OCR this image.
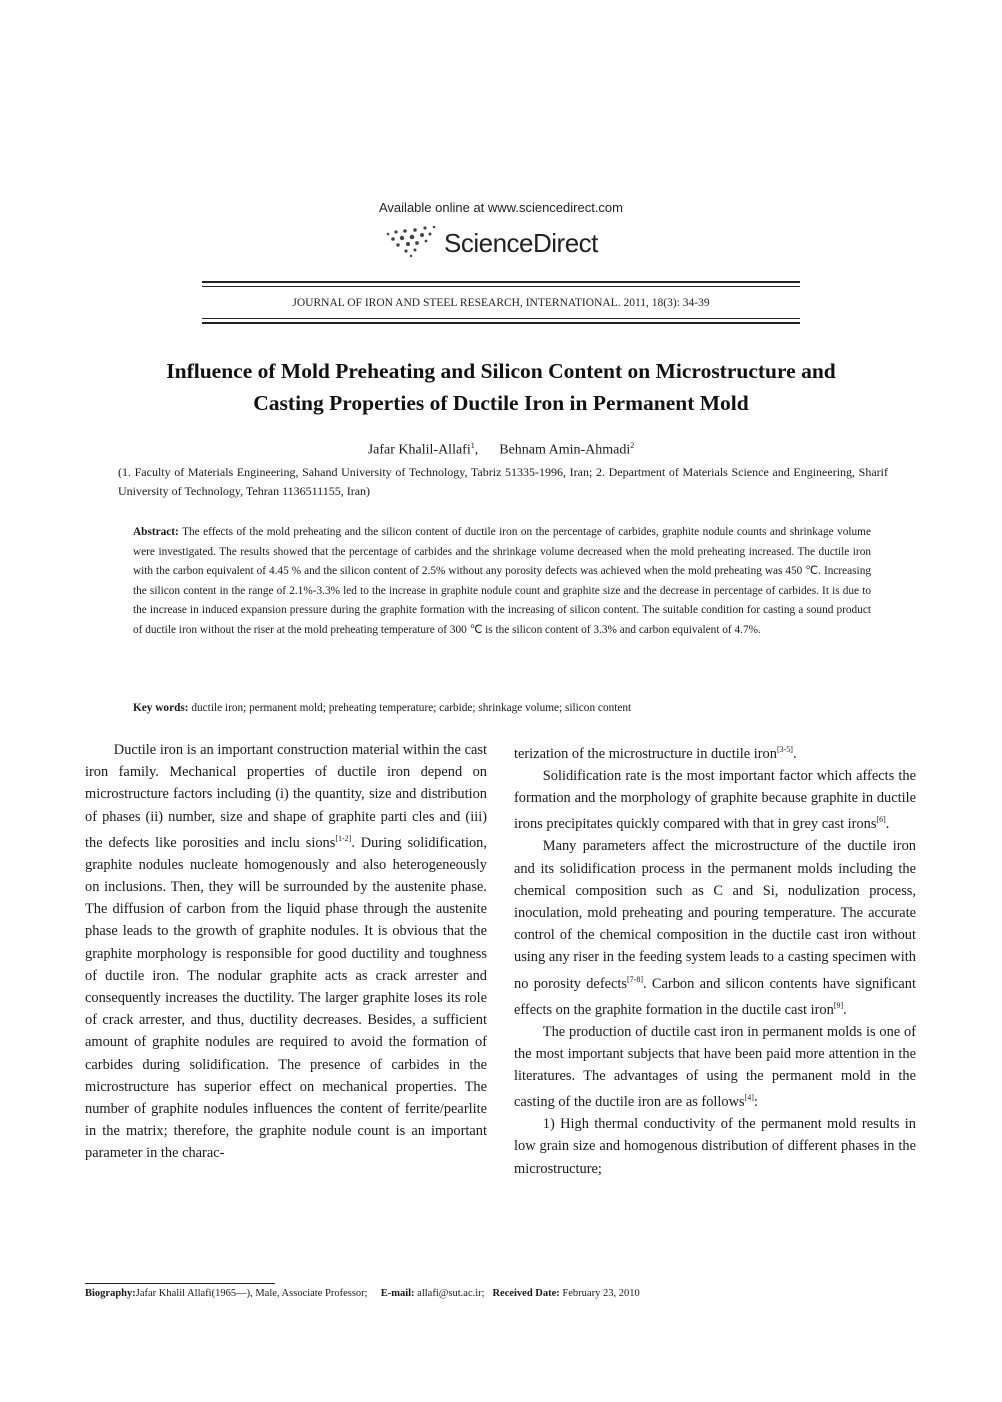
Available online at www.sciencedirect.com
ScienceDirect
JOURNAL OF IRON AND STEEL RESEARCH, INTERNATIONAL. 2011, 18(3): 34-39
Influence of Mold Preheating and Silicon Content on Microstructure and
Casting Properties of Ductile Iron in Permanent Mold
Jafar Khalil-Allafi$^1$, Behnam Amin-Ahmadi$^2$
(1. Faculty of Materials Engineering, Sahand University of Technology, Tabriz 51335-1996, Iran; 2. Department of Materials Science and Engineering, Sharif University of Technology, Tehran 1136511155, Iran)
Abstract: The effects of the mold preheating and the silicon content of ductile iron on the percentage of carbides, graphite nodule counts and shrinkage volume were investigated. The results showed that the percentage of carbides and the shrinkage volume decreased when the mold preheating increased. The ductile iron with the carbon equivalent of 4.45 % and the silicon content of 2.5% without any porosity defects was achieved when the mold preheating was 450 ℃. Increasing the silicon content in the range of 2.1%-3.3% led to the increase in graphite nodule count and graphite size and the decrease in percentage of carbides. It is due to the increase in induced expansion pressure during the graphite formation with the increasing of silicon content. The suitable condition for casting a sound product of ductile iron without the riser at the mold preheating temperature of 300 ℃ is the silicon content of 3.3% and carbon equivalent of 4.7%.
Key words: ductile iron; permanent mold; preheating temperature; carbide; shrinkage volume; silicon content

Ductile iron is an important construction material within the cast iron family. Mechanical properties of ductile iron depend on microstructure factors including (i) the quantity, size and distribution of phases (ii) number, size and shape of graphite parti cles and (iii) the defects like porosities and inclu sions[1-2]. During solidification, graphite nodules nucleate homogenously and also heterogeneously on inclusions. Then, they will be surrounded by the austenite phase. The diffusion of carbon from the liquid phase through the austenite phase leads to the growth of graphite nodules. It is obvious that the graphite morphology is responsible for good ductility and toughness of ductile iron. The nodular graphite acts as crack arrester and consequently increases the ductility. The larger graphite loses its role of crack arrester, and thus, ductility decreases. Besides, a sufficient amount of graphite nodules are required to avoid the formation of carbides during solidification. The presence of carbides in the microstructure has superior effect on mechanical properties. The number of graphite nodules influences the content of ferrite/pearlite in the matrix; therefore, the graphite nodule count is an important parameter in the charac-

terization of the microstructure in ductile iron[3-5].

Solidification rate is the most important factor which affects the formation and the morphology of graphite because graphite in ductile irons precipitates quickly compared with that in grey cast irons[6].

Many parameters affect the microstructure of the ductile iron and its solidification process in the permanent molds including the chemical composition such as C and Si, nodulization process, inoculation, mold preheating and pouring temperature. The accurate control of the chemical composition in the ductile cast iron without using any riser in the feeding system leads to a casting specimen with no porosity defects[7-8]. Carbon and silicon contents have significant effects on the graphite formation in the ductile cast iron[9].

The production of ductile cast iron in permanent molds is one of the most important subjects that have been paid more attention in the literatures. The advantages of using the permanent mold in the casting of the ductile iron are as follows[4]:

1) High thermal conductivity of the permanent mold results in low grain size and homogenous distribution of different phases in the microstructure;

Biography:Jafar Khalil Allafi(1965—), Male, Associate Professor; E-mail: allafi@sut.ac.ir; Received Date: February 23, 2010
